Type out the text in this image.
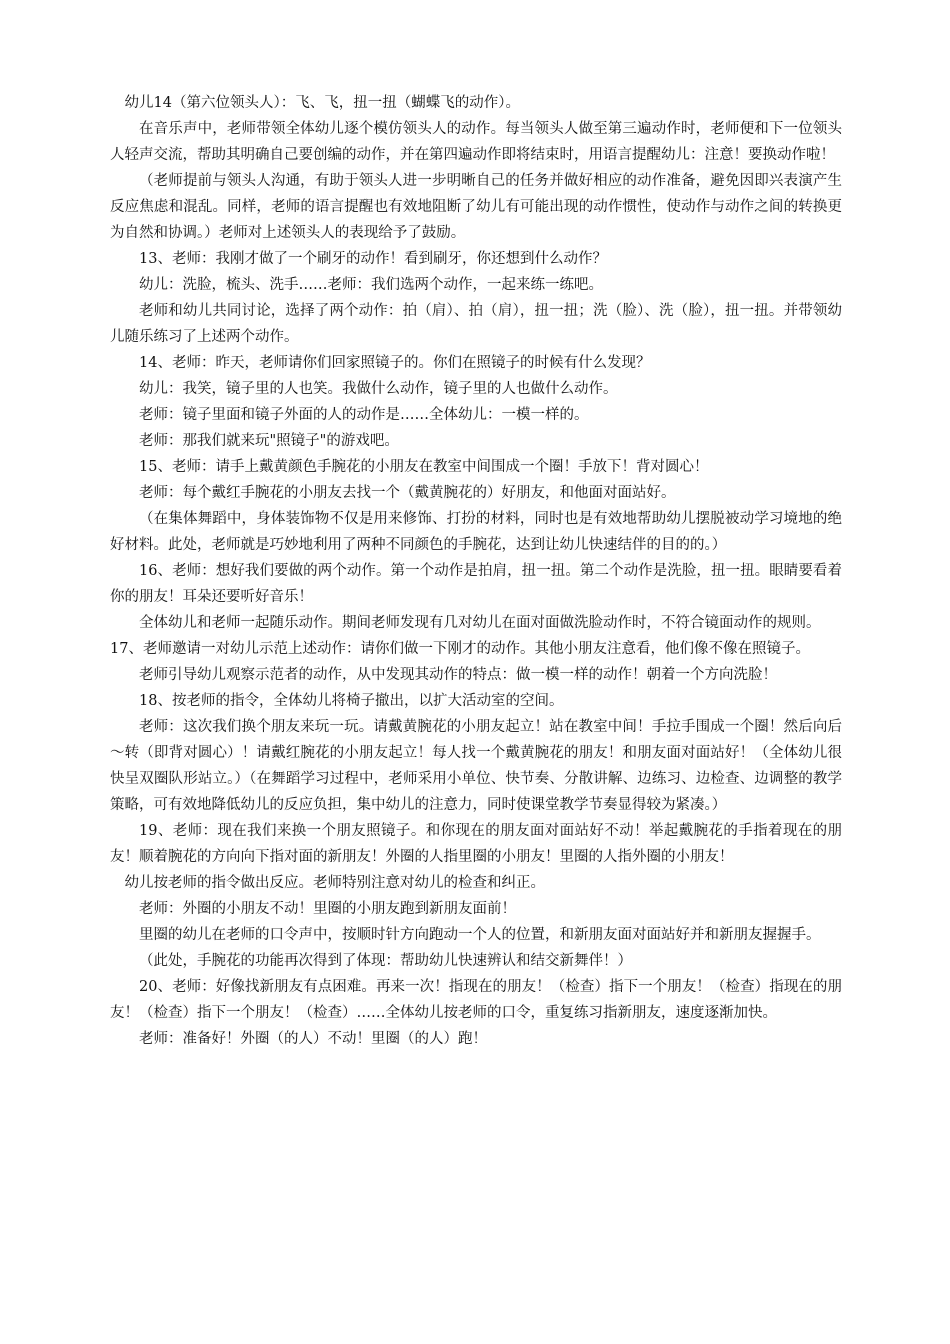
幼儿14（第六位领头人）：飞、飞，扭一扭（蝴蝶飞的动作）。

在音乐声中，老师带领全体幼儿逐个模仿领头人的动作。每当领头人做至第三遍动作时，老师便和下一位领头人轻声交流，帮助其明确自己要创编的动作，并在第四遍动作即将结束时，用语言提醒幼儿：注意！要换动作啦！

（老师提前与领头人沟通，有助于领头人进一步明晰自己的任务并做好相应的动作准备，避免因即兴表演产生反应焦虑和混乱。同样，老师的语言提醒也有效地阻断了幼儿有可能出现的动作惯性，使动作与动作之间的转换更为自然和协调。）老师对上述领头人的表现给予了鼓励。

13、老师：我刚才做了一个刷牙的动作！看到刷牙，你还想到什么动作？

幼儿：洗脸，梳头、洗手……老师：我们选两个动作，一起来练一练吧。

老师和幼儿共同讨论，选择了两个动作：拍（肩）、拍（肩），扭一扭；洗（脸）、洗（脸），扭一扭。并带领幼儿随乐练习了上述两个动作。

14、老师：昨天，老师请你们回家照镜子的。你们在照镜子的时候有什么发现？

幼儿：我笑，镜子里的人也笑。我做什么动作，镜子里的人也做什么动作。

老师：镜子里面和镜子外面的人的动作是……全体幼儿：一模一样的。

老师：那我们就来玩"照镜子"的游戏吧。

15、老师：请手上戴黄颜色手腕花的小朋友在教室中间围成一个圈！手放下！背对圆心！

老师：每个戴红手腕花的小朋友去找一个（戴黄腕花的）好朋友，和他面对面站好。

（在集体舞蹈中，身体装饰物不仅是用来修饰、打扮的材料，同时也是有效地帮助幼儿摆脱被动学习境地的绝好材料。此处，老师就是巧妙地利用了两种不同颜色的手腕花，达到让幼儿快速结伴的目的的。）

16、老师：想好我们要做的两个动作。第一个动作是拍肩，扭一扭。第二个动作是洗脸，扭一扭。眼睛要看着你的朋友！耳朵还要听好音乐！

全体幼儿和老师一起随乐动作。期间老师发现有几对幼儿在面对面做洗脸动作时，不符合镜面动作的规则。

17、老师邀请一对幼儿示范上述动作：请你们做一下刚才的动作。其他小朋友注意看，他们像不像在照镜子。

老师引导幼儿观察示范者的动作，从中发现其动作的特点：做一模一样的动作！朝着一个方向洗脸！

18、按老师的指令，全体幼儿将椅子撤出，以扩大活动室的空间。

老师：这次我们换个朋友来玩一玩。请戴黄腕花的小朋友起立！站在教室中间！手拉手围成一个圈！然后向后～转（即背对圆心）！请戴红腕花的小朋友起立！每人找一个戴黄腕花的朋友！和朋友面对面站好！（全体幼儿很快呈双圈队形站立。）（在舞蹈学习过程中，老师采用小单位、快节奏、分散讲解、边练习、边检查、边调整的教学策略，可有效地降低幼儿的反应负担，集中幼儿的注意力，同时使课堂教学节奏显得较为紧凑。）

19、老师：现在我们来换一个朋友照镜子。和你现在的朋友面对面站好不动！举起戴腕花的手指着现在的朋友！顺着腕花的方向向下指对面的新朋友！外圈的人指里圈的小朋友！里圈的人指外圈的小朋友！

幼儿按老师的指令做出反应。老师特别注意对幼儿的检查和纠正。

老师：外圈的小朋友不动！里圈的小朋友跑到新朋友面前！

里圈的幼儿在老师的口令声中，按顺时针方向跑动一个人的位置，和新朋友面对面站好并和新朋友握握手。

（此处，手腕花的功能再次得到了体现：帮助幼儿快速辨认和结交新舞伴！）

20、老师：好像找新朋友有点困难。再来一次！指现在的朋友！（检查）指下一个朋友！（检查）指现在的朋友！（检查）指下一个朋友！（检查）……全体幼儿按老师的口令，重复练习指新朋友，速度逐渐加快。

老师：准备好！外圈（的人）不动！里圈（的人）跑！
